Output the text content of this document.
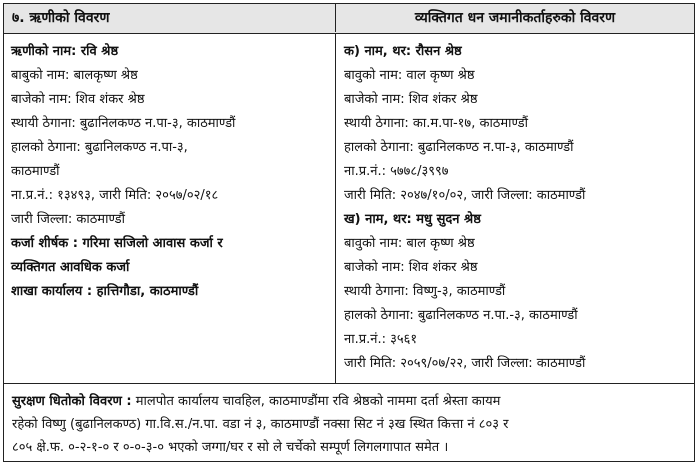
७. ऋणीको विवरण	व्यक्तिगत धन जमानीकर्ताहरुको विवरण
ऋणीको नाम: रवि श्रेष्ठ
बाबुको नाम: बालकृष्ण श्रेष्ठ
बाजेको नाम: शिव शंकर श्रेष्ठ
स्थायी ठेगाना: बुढानिलकण्ठ न.पा-३, काठमाण्डौं
हालको ठेगाना: बुढानिलकण्ठ न.पा-३,
काठमाण्डौं
ना.प्र.नं.: १३४९३, जारी मिति: २०५७/०२/१८
जारी जिल्ला: काठमाण्डौं
कर्जा शीर्षक : गरिमा सजिलो आवास कर्जा र
व्यक्तिगत आवधिक कर्जा
शाखा कार्यालय : हात्तिगौडा, काठमाण्डौं
क) नाम, थर: रौसन श्रेष्ठ
बावुको नाम: वाल कृष्ण श्रेष्ठ
बाजेको नाम: शिव शंकर श्रेष्ठ
स्थायी ठेगाना: का.म.पा-१७, काठमाण्डौं
हालको ठेगाना: बुढानिलकण्ठ न.पा-३, काठमाण्डौं
ना.प्र.नं.: ५७७८/३९९७
जारी मिति: २०४७/१०/०२, जारी जिल्ला: काठमाण्डौं
ख) नाम, थर: मधु सुदन श्रेष्ठ
बावुको नाम: बाल कृष्ण श्रेष्ठ
बाजेको नाम: शिव शंकर श्रेष्ठ
स्थायी ठेगाना: विष्णु-३, काठमाण्डौं
हालको ठेगाना: बुढानिलकण्ठ न.पा.-३, काठमाण्डौं
ना.प्र.नं.: ३५६१
जारी मिति: २०५९/०७/२२, जारी जिल्ला: काठमाण्डौं
सुरक्षण धितोको विवरण : मालपोत कार्यालय चावहिल, काठमाण्डौंमा रवि श्रेष्ठको नाममा दर्ता श्रेस्ता कायम
रहेको विष्णु (बुढानिलकण्ठ) गा.वि.स./न.पा. वडा नं ३, काठमाण्डौं नक्सा सिट नं ३ख स्थित कित्ता नं ८०३ र
८०५ क्षे.फ. ०-२-१-० र ०-०-३-० भएको जग्गा/घर र सो ले चर्चेको सम्पूर्ण लिगलगापात समेत ।
